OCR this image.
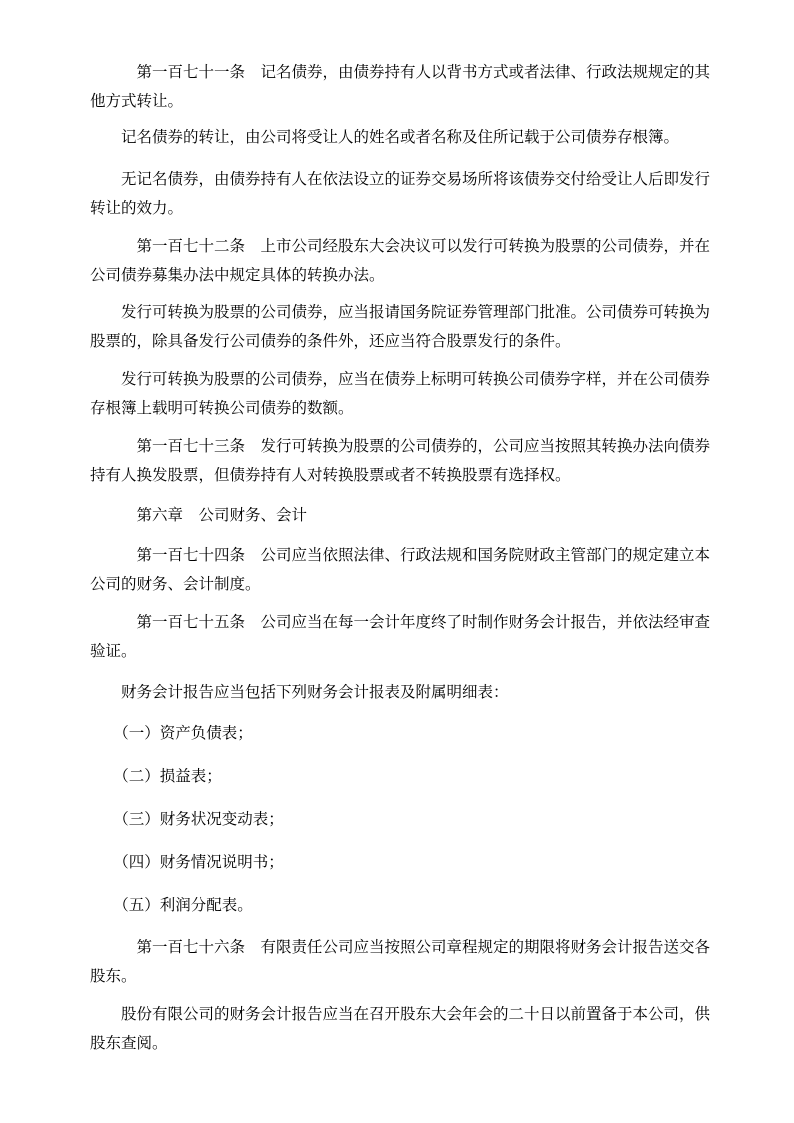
　　　第一百七十一条　记名债券，由债券持有人以背书方式或者法律、行政法规规定的其
他方式转让。
　　记名债券的转让，由公司将受让人的姓名或者名称及住所记载于公司债券存根簿。
　　无记名债券，由债券持有人在依法设立的证券交易场所将该债券交付给受让人后即发行
转让的效力。
　　　第一百七十二条　上市公司经股东大会决议可以发行可转换为股票的公司债券，并在
公司债券募集办法中规定具体的转换办法。
　　发行可转换为股票的公司债券，应当报请国务院证券管理部门批准。公司债券可转换为
股票的，除具备发行公司债券的条件外，还应当符合股票发行的条件。
　　发行可转换为股票的公司债券，应当在债券上标明可转换公司债券字样，并在公司债券
存根簿上载明可转换公司债券的数额。
　　　第一百七十三条　发行可转换为股票的公司债券的，公司应当按照其转换办法向债券
持有人换发股票，但债券持有人对转换股票或者不转换股票有选择权。
　　　第六章　公司财务、会计
　　　第一百七十四条　公司应当依照法律、行政法规和国务院财政主管部门的规定建立本
公司的财务、会计制度。
　　　第一百七十五条　公司应当在每一会计年度终了时制作财务会计报告，并依法经审查
验证。
　　财务会计报告应当包括下列财务会计报表及附属明细表：
　　（一）资产负债表；
　　（二）损益表；
　　（三）财务状况变动表；
　　（四）财务情况说明书；
　　（五）利润分配表。
　　　第一百七十六条　有限责任公司应当按照公司章程规定的期限将财务会计报告送交各
股东。
　　股份有限公司的财务会计报告应当在召开股东大会年会的二十日以前置备于本公司，供
股东查阅。
